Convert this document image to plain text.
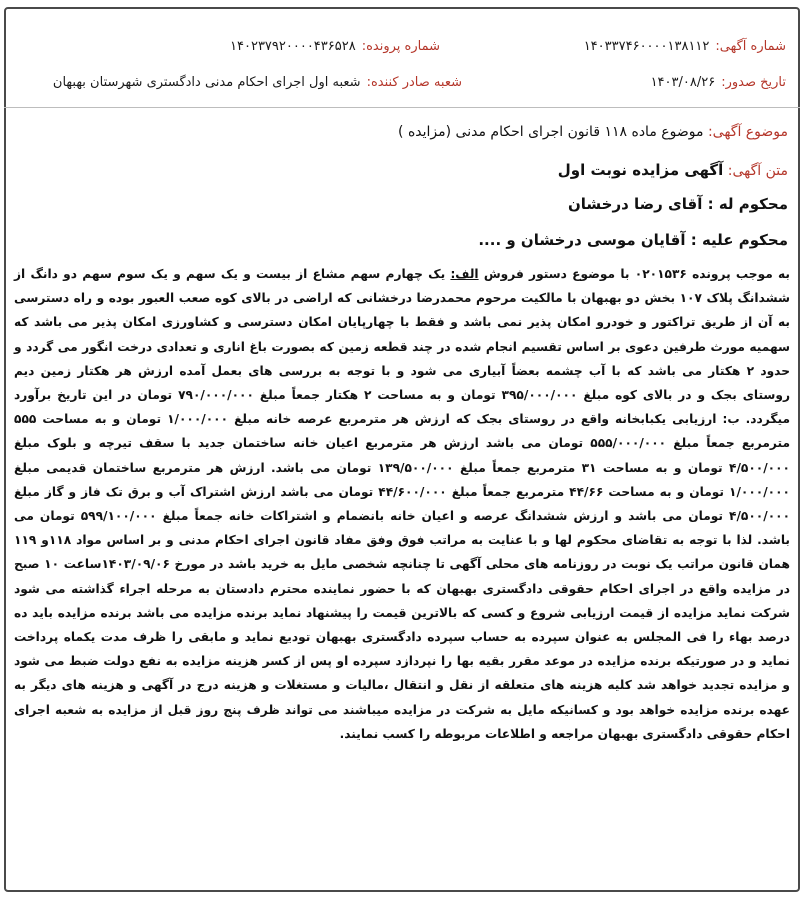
شماره آگهی:۱۴۰۳۳۷۴۶۰۰۰۰۱۳۸۱۱۲
شماره پرونده:۱۴۰۲۳۷۹۲۰۰۰۰۴۳۶۵۲۸
تاریخ صدور:۱۴۰۳/۰۸/۲۶
شعبه صادر کننده:شعبه اول اجرای احکام مدنی دادگستری شهرستان بهبهان
موضوع آگهی: موضوع ماده ۱۱۸ قانون اجرای احکام مدنی (مزایده )
متن آگهی: آگهی مزایده نوبت اول
محکوم له : آقای رضا درخشان
محکوم علیه : آقایان موسی درخشان و ....
به موجب پرونده ۰۲۰۱۵۳۶ با موضوع دستور فروش الف: یک چهارم سهم مشاع از بیست و یک سهم و یک سوم سهم دو دانگ از ششدانگ پلاک ۱۰۷ بخش دو بهبهان با مالکیت مرحوم محمدرضا درخشانی که اراضی در بالای کوه صعب العبور بوده و راه دسترسی به آن از طریق تراکتور و خودرو امکان پذیر نمی باشد و فقط با چهارپایان امکان دسترسی و کشاورزی امکان پذیر می باشد که سهمیه مورث طرفین دعوی بر اساس تقسیم انجام شده در چند قطعه زمین که بصورت باغ اناری و تعدادی درخت انگور می گردد و حدود ۲ هکتار می باشد که با آب چشمه بعضاً آبیاری می شود و با توجه به بررسی های بعمل آمده ارزش هر هکتار زمین دیم روستای بجک و در بالای کوه مبلغ ۳۹۵/۰۰۰/۰۰۰ تومان و به مساحت ۲ هکتار جمعاً مبلغ ۷۹۰/۰۰۰/۰۰۰ تومان در این تاریخ برآورد میگردد. ب: ارزیابی یکبابخانه واقع در روستای بجک که ارزش هر مترمربع عرصه خانه مبلغ ۱/۰۰۰/۰۰۰ تومان و به مساحت ۵۵۵ مترمربع جمعاً مبلغ ۵۵۵/۰۰۰/۰۰۰ تومان می باشد ارزش هر مترمربع اعیان خانه ساختمان جدید با سقف تیرچه و بلوک مبلغ ۴/۵۰۰/۰۰۰ تومان و به مساحت ۳۱ مترمربع جمعاً مبلغ ۱۳۹/۵۰۰/۰۰۰ تومان می باشد. ارزش هر مترمربع ساختمان قدیمی مبلغ ۱/۰۰۰/۰۰۰ تومان و به مساحت ۴۴/۶۶ مترمربع جمعاً مبلغ ۴۴/۶۰۰/۰۰۰ تومان می باشد ارزش اشتراک آب و برق تک فاز و گاز مبلغ ۴/۵۰۰/۰۰۰ تومان می باشد و ارزش ششدانگ عرصه و اعیان خانه بانضمام و اشتراکات خانه جمعاً مبلغ ۵۹۹/۱۰۰/۰۰۰ تومان می باشد. لذا با توجه به تقاضای محکوم لها و با عنایت به مراتب فوق وفق مفاد قانون اجرای احکام مدنی و بر اساس مواد ۱۱۸و ۱۱۹ همان قانون مراتب یک نوبت در روزنامه های محلی آگهی تا چنانچه شخصی مایل به خرید باشد در مورخ ۱۴۰۳/۰۹/۰۶ساعت ۱۰ صبح در مزایده واقع در اجرای احکام حقوقی دادگستری بهبهان که با حضور نماینده محترم دادستان به مرحله اجراء گذاشته می شود شرکت نماید مزایده از قیمت ارزیابی شروع و کسی که بالاترین قیمت را پیشنهاد نماید برنده مزایده می باشد برنده مزایده باید ده درصد بهاء را فی المجلس به عنوان سپرده به حساب سپرده دادگستری بهبهان تودیع نماید و مابقی را ظرف مدت یکماه پرداخت نماید و در صورتیکه برنده مزایده در موعد مقرر بقیه بها را نپردازد سپرده او پس از کسر هزینه مزایده به نفع دولت ضبط می شود و مزایده تجدید خواهد شد کلیه هزینه های متعلقه از نقل و انتقال ،مالیات و مستغلات و هزینه درج در آگهی و هزینه های دیگر به عهده برنده مزایده خواهد بود و کسانیکه مایل به شرکت در مزایده میباشند می تواند ظرف پنج روز قبل از مزایده به شعبه اجرای احکام حقوقی دادگستری بهبهان مراجعه و اطلاعات مربوطه را کسب نمایند.
